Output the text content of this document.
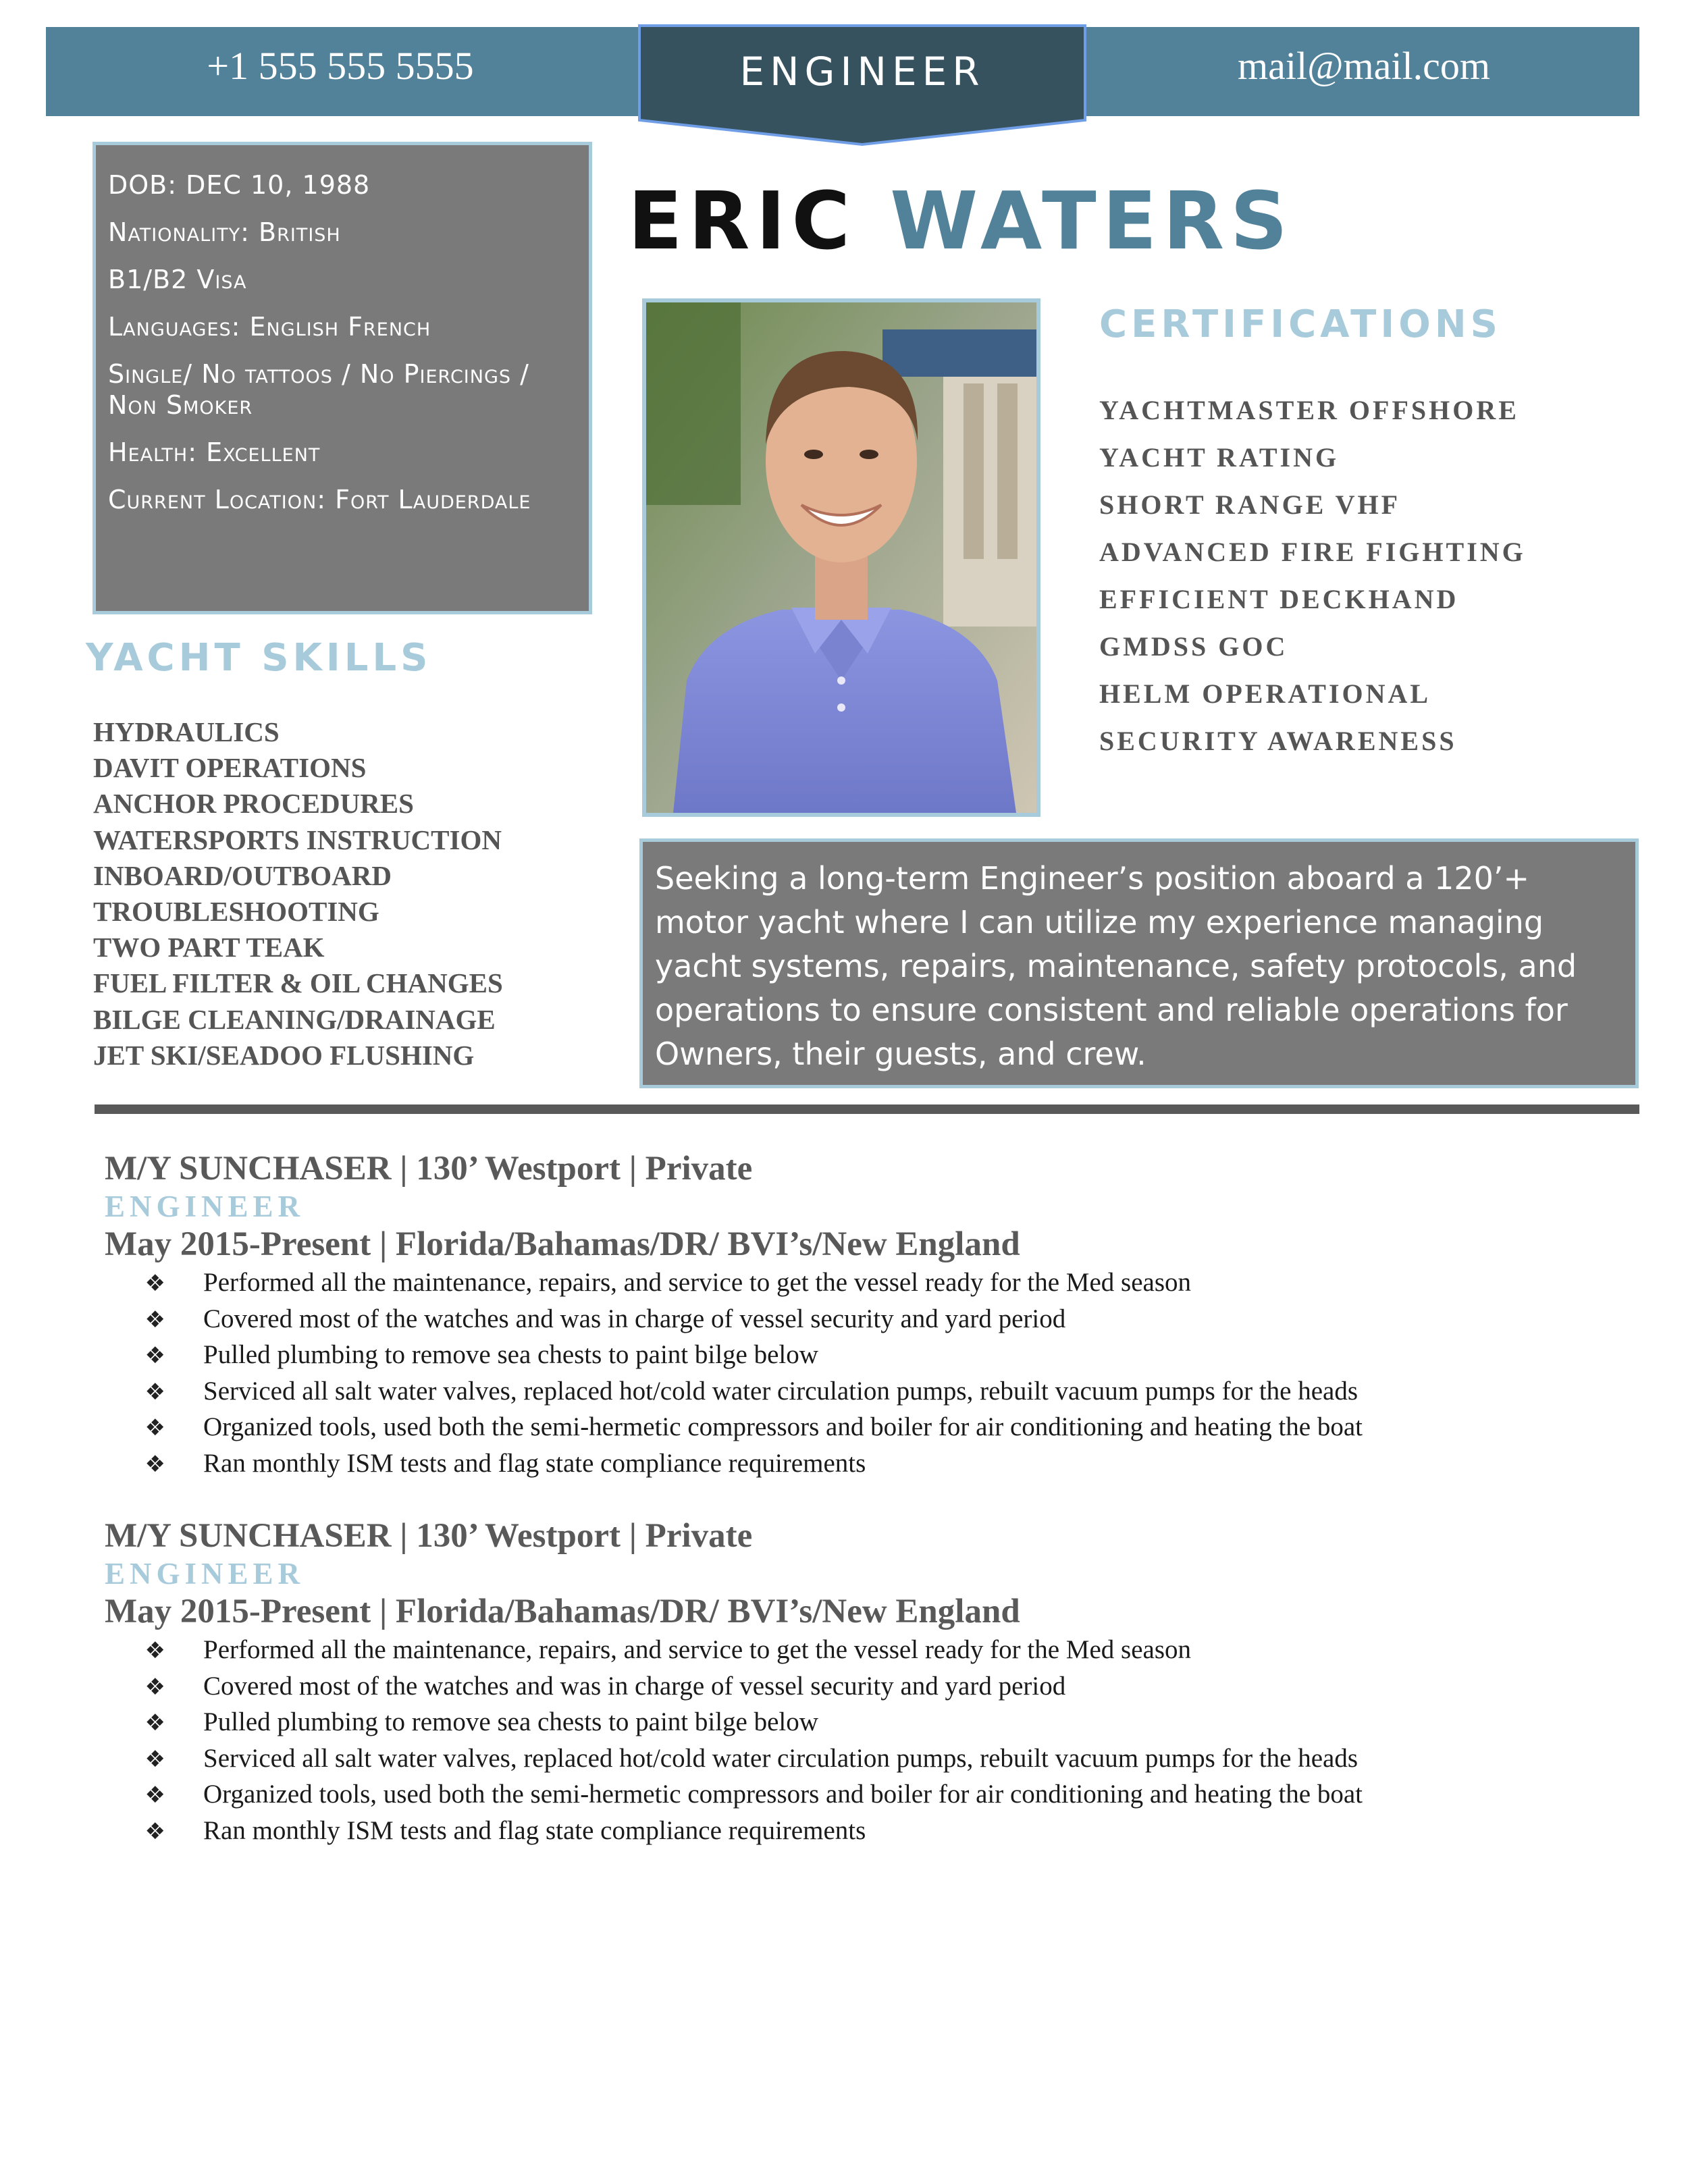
+1 555 555 5555	mail@mail.com
ENGINEER
DOB: DEC 10, 1988
Nationality: British
B1/B2 Visa
Languages: English French
Single/ No tattoos / No Piercings / Non Smoker
Health: Excellent
Current Location: Fort Lauderdale
ERIC WATERS
CERTIFICATIONS
YACHTMASTER OFFSHORE
YACHT RATING
SHORT RANGE VHF
ADVANCED FIRE FIGHTING
EFFICIENT DECKHAND
GMDSS GOC
HELM OPERATIONAL
SECURITY AWARENESS
YACHT SKILLS
HYDRAULICS
DAVIT OPERATIONS
ANCHOR PROCEDURES
WATERSPORTS INSTRUCTION
INBOARD/OUTBOARD
TROUBLESHOOTING
TWO PART TEAK
FUEL FILTER & OIL CHANGES
BILGE CLEANING/DRAINAGE
JET SKI/SEADOO FLUSHING
Seeking a long-term Engineer’s position aboard a 120’+ motor yacht where I can utilize my experience managing yacht systems, repairs, maintenance, safety protocols, and operations to ensure consistent and reliable operations for Owners, their guests, and crew.
M/Y SUNCHASER | 130’ Westport | Private
ENGINEER
May 2015-Present | Florida/Bahamas/DR/ BVI’s/New England
❖ Performed all the maintenance, repairs, and service to get the vessel ready for the Med season
❖ Covered most of the watches and was in charge of vessel security and yard period
❖ Pulled plumbing to remove sea chests to paint bilge below
❖ Serviced all salt water valves, replaced hot/cold water circulation pumps, rebuilt vacuum pumps for the heads
❖ Organized tools, used both the semi-hermetic compressors and boiler for air conditioning and heating the boat
❖ Ran monthly ISM tests and flag state compliance requirements
M/Y SUNCHASER | 130’ Westport | Private
ENGINEER
May 2015-Present | Florida/Bahamas/DR/ BVI’s/New England
❖ Performed all the maintenance, repairs, and service to get the vessel ready for the Med season
❖ Covered most of the watches and was in charge of vessel security and yard period
❖ Pulled plumbing to remove sea chests to paint bilge below
❖ Serviced all salt water valves, replaced hot/cold water circulation pumps, rebuilt vacuum pumps for the heads
❖ Organized tools, used both the semi-hermetic compressors and boiler for air conditioning and heating the boat
❖ Ran monthly ISM tests and flag state compliance requirements
